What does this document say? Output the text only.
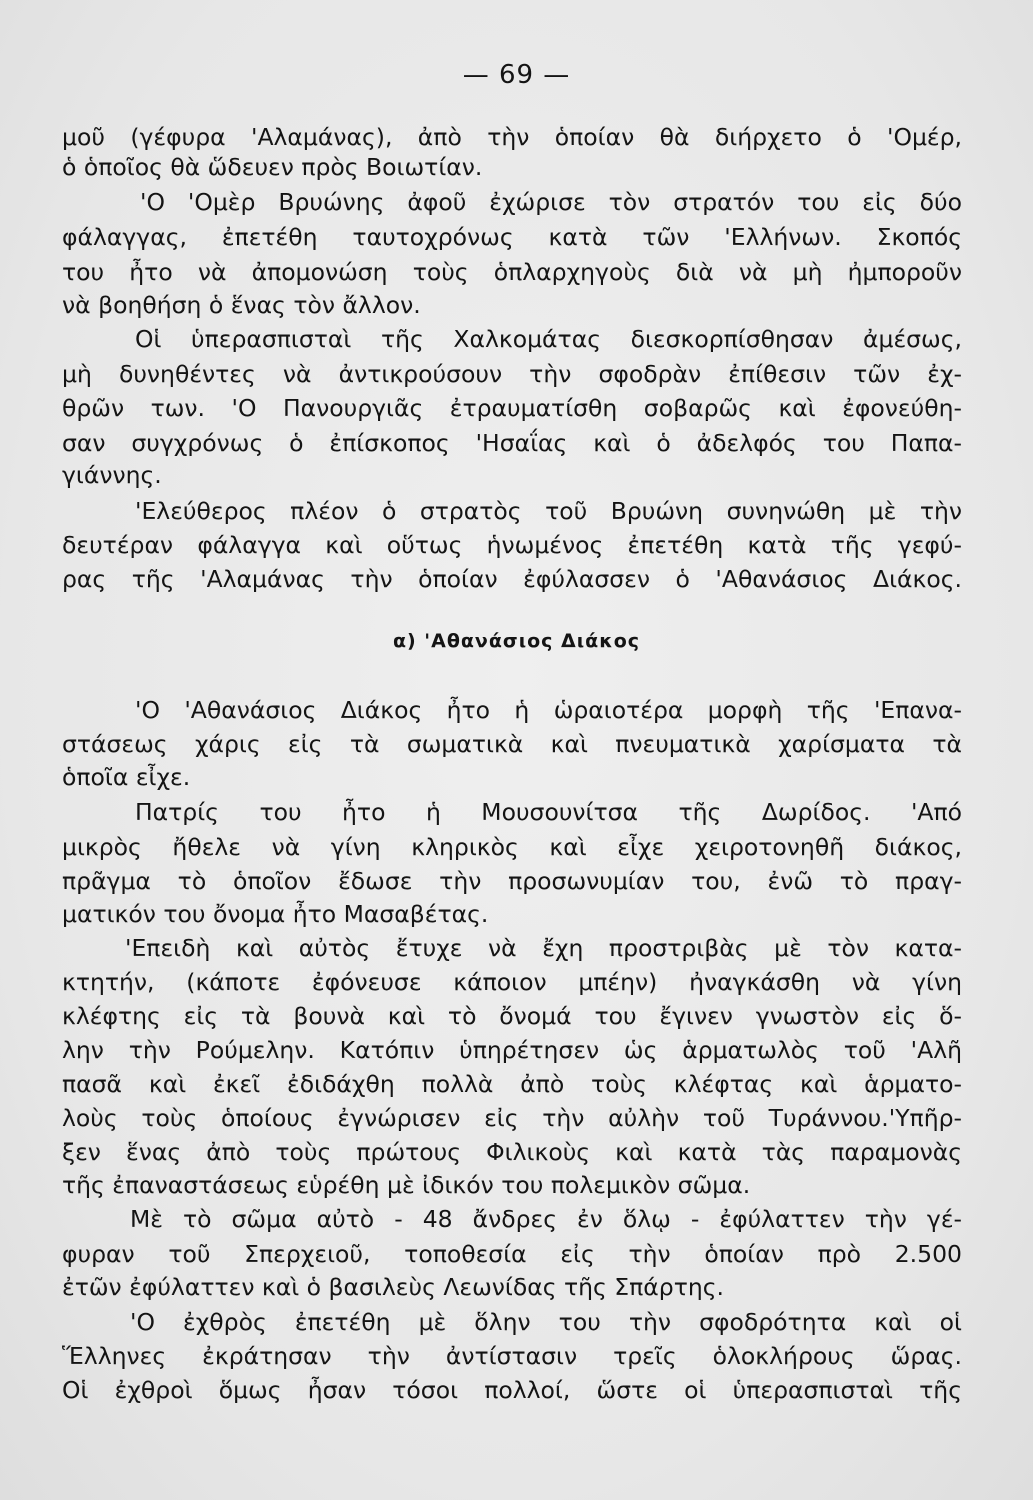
— 69 —
μοῦ (γέφυρα 'Αλαμάνας), ἀπὸ τὴν ὁποίαν θὰ διήρχετο ὁ 'Ομέρ,
ὁ ὁποῖος θὰ ὥδευεν πρὸς Βοιωτίαν.
'Ο 'Ομὲρ Βρυώνης ἀφοῦ ἐχώρισε τὸν στρατόν του εἰς δύο
φάλαγγας, ἐπετέθη ταυτοχρόνως κατὰ τῶν 'Ελλήνων. Σκοπός
του ἦτο νὰ ἀπομονώση τοὺς ὁπλαρχηγοὺς διὰ νὰ μὴ ἠμποροῦν
νὰ βοηθήση ὁ ἕνας τὸν ἄλλον.
Οἱ ὑπερασπισταὶ τῆς Χαλκομάτας διεσκορπίσθησαν ἀμέσως,
μὴ δυνηθέντες νὰ ἀντικρούσουν τὴν σφοδρὰν ἐπίθεσιν τῶν ἐχ-
θρῶν των. 'Ο Πανουργιᾶς ἐτραυματίσθη σοβαρῶς καὶ ἐφονεύθη-
σαν συγχρόνως ὁ ἐπίσκοπος 'Ησαΐας καὶ ὁ ἀδελφός του Παπα-
γιάννης.
'Ελεύθερος πλέον ὁ στρατὸς τοῦ Βρυώνη συνηνώθη μὲ τὴν
δευτέραν φάλαγγα καὶ οὕτως ἡνωμένος ἐπετέθη κατὰ τῆς γεφύ-
ρας τῆς 'Αλαμάνας τὴν ὁποίαν ἐφύλασσεν ὁ 'Αθανάσιος Διάκος.
α) 'Αθανάσιος Διάκος
'Ο 'Αθανάσιος Διάκος ἦτο ἡ ὡραιοτέρα μορφὴ τῆς 'Επανα-
στάσεως χάρις εἰς τὰ σωματικὰ καὶ πνευματικὰ χαρίσματα τὰ
ὁποῖα εἶχε.
Πατρίς του ἦτο ἡ Μουσουνίτσα τῆς Δωρίδος. 'Από
μικρὸς ἤθελε νὰ γίνη κληρικὸς καὶ εἶχε χειροτονηθῆ διάκος,
πρᾶγμα τὸ ὁποῖον ἔδωσε τὴν προσωνυμίαν του, ἐνῶ τὸ πραγ-
ματικόν του ὄνομα ἦτο Μασαβέτας.
'Επειδὴ καὶ αὐτὸς ἔτυχε νὰ ἔχη προστριβὰς μὲ τὸν κατα-
κτητήν, (κάποτε ἐφόνευσε κάποιον μπέην) ἠναγκάσθη νὰ γίνη
κλέφτης εἰς τὰ βουνὰ καὶ τὸ ὄνομά του ἔγινεν γνωστὸν εἰς ὅ-
λην τὴν Ρούμελην. Κατόπιν ὑπηρέτησεν ὡς ἁρματωλὸς τοῦ 'Αλῆ
πασᾶ καὶ ἐκεῖ ἐδιδάχθη πολλὰ ἀπὸ τοὺς κλέφτας καὶ ἁρματο-
λοὺς τοὺς ὁποίους ἐγνώρισεν εἰς τὴν αὐλὴν τοῦ Τυράννου.'Υπῆρ-
ξεν ἕνας ἀπὸ τοὺς πρώτους Φιλικοὺς καὶ κατὰ τὰς παραμονὰς
τῆς ἐπαναστάσεως εὑρέθη μὲ ἰδικόν του πολεμικὸν σῶμα.
Μὲ τὸ σῶμα αὐτὸ - 48 ἄνδρες ἐν ὅλῳ - ἐφύλαττεν τὴν γέ-
φυραν τοῦ Σπερχειοῦ, τοποθεσία εἰς τὴν ὁποίαν πρὸ 2.500
ἐτῶν ἐφύλαττεν καὶ ὁ βασιλεὺς Λεωνίδας τῆς Σπάρτης.
'Ο ἐχθρὸς ἐπετέθη μὲ ὅλην του τὴν σφοδρότητα καὶ οἱ
Ἕλληνες ἐκράτησαν τὴν ἀντίστασιν τρεῖς ὁλοκλήρους ὥρας.
Οἱ ἐχθροὶ ὅμως ἦσαν τόσοι πολλοί, ὥστε οἱ ὑπερασπισταὶ τῆς
